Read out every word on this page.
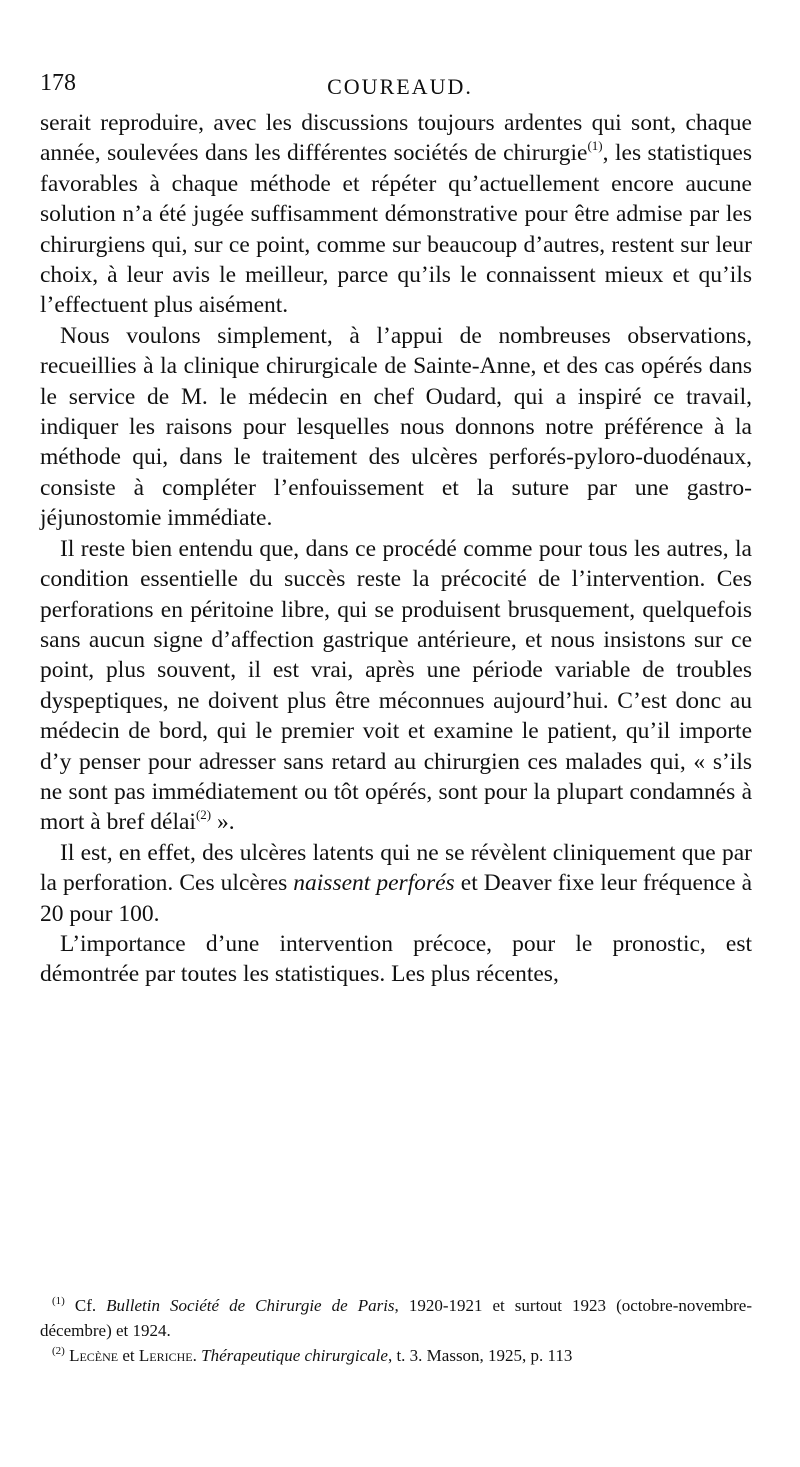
178	COUREAUD.

serait reproduire, avec les discussions toujours ardentes qui sont, chaque année, soulevées dans les différentes sociétés de chirurgie$^{(1)}$, les statistiques favorables à chaque méthode et répéter qu’actuellement encore aucune solution n’a été jugée suffisamment démonstrative pour être admise par les chirurgiens qui, sur ce point, comme sur beaucoup d’autres, restent sur leur choix, à leur avis le meilleur, parce qu’ils le connaissent mieux et qu’ils l’effectuent plus aisément.

Nous voulons simplement, à l’appui de nombreuses observations, recueillies à la clinique chirurgicale de Sainte-Anne, et des cas opérés dans le service de M. le médecin en chef Oudard, qui a inspiré ce travail, indiquer les raisons pour lesquelles nous donnons notre préférence à la méthode qui, dans le traitement des ulcères perforés-pyloro-duodénaux, consiste à compléter l’enfouissement et la suture par une gastro-jéjunostomie immédiate.

Il reste bien entendu que, dans ce procédé comme pour tous les autres, la condition essentielle du succès reste la précocité de l’intervention. Ces perforations en péritoine libre, qui se produisent brusquement, quelquefois sans aucun signe d’affection gastrique antérieure, et nous insistons sur ce point, plus souvent, il est vrai, après une période variable de troubles dyspeptiques, ne doivent plus être méconnues aujourd’hui. C’est donc au médecin de bord, qui le premier voit et examine le patient, qu’il importe d’y penser pour adresser sans retard au chirurgien ces malades qui, « s’ils ne sont pas immédiatement ou tôt opérés, sont pour la plupart condamnés à mort à bref délai$^{(2)}$ ».

Il est, en effet, des ulcères latents qui ne se révèlent cliniquement que par la perforation. Ces ulcères naissent perforés et Deaver fixe leur fréquence à 20 pour 100.

L’importance d’une intervention précoce, pour le pronostic, est démontrée par toutes les statistiques. Les plus récentes,

$^{(1)}$ Cf. Bulletin Société de Chirurgie de Paris, 1920-1921 et surtout 1923 (octobre-novembre-décembre) et 1924.

$^{(2)}$ Lecène et Leriche. Thérapeutique chirurgicale, t. 3. Masson, 1925, p. 113
